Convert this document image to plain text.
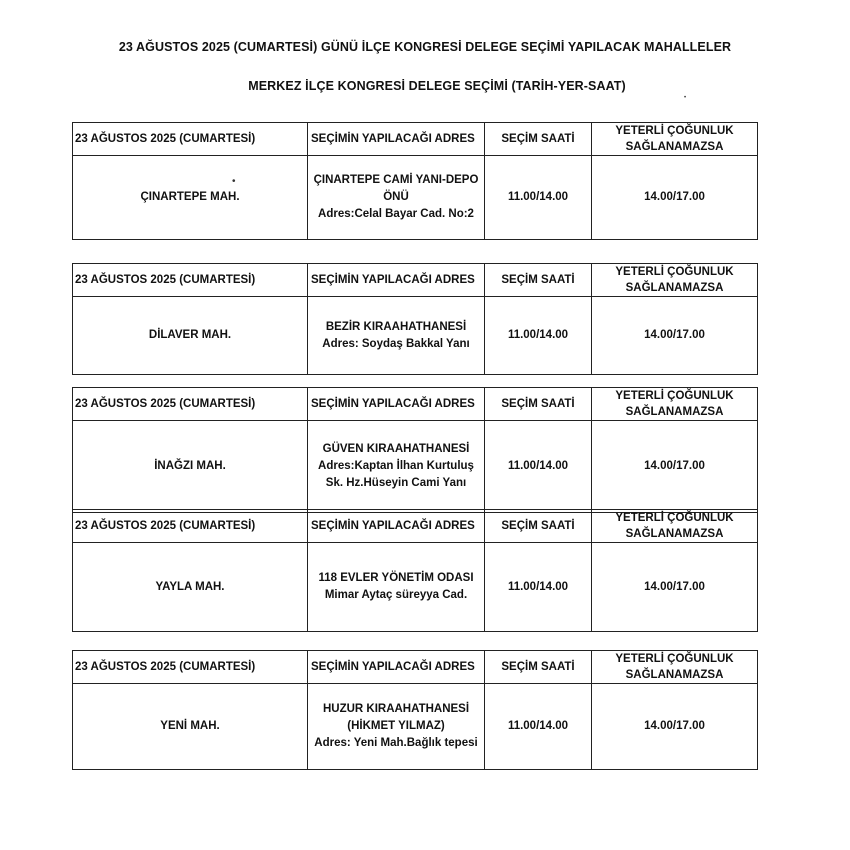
23 AĞUSTOS 2025 (CUMARTESİ) GÜNÜ İLÇE KONGRESİ DELEGE SEÇİMİ YAPILACAK MAHALLELER
MERKEZ İLÇE KONGRESİ DELEGE SEÇİMİ (TARİH-YER-SAAT)
23 AĞUSTOS 2025 (CUMARTESİ)	SEÇİMİN YAPILACAĞI ADRES	SEÇİM SAATİ	YETERLİ ÇOĞUNLUK
SAĞLANAMAZSA

ÇINARTEPE MAH.	ÇINARTEPE CAMİ YANI-DEPO
ÖNÜ
Adres:Celal Bayar Cad. No:2	11.00/14.00	14.00/17.00
23 AĞUSTOS 2025 (CUMARTESİ)	SEÇİMİN YAPILACAĞI ADRES	SEÇİM SAATİ	YETERLİ ÇOĞUNLUK
SAĞLANAMAZSA

DİLAVER MAH.	BEZİR KIRAAHATHANESİ
Adres: Soydaş Bakkal Yanı	11.00/14.00	14.00/17.00
23 AĞUSTOS 2025 (CUMARTESİ)	SEÇİMİN YAPILACAĞI ADRES	SEÇİM SAATİ	YETERLİ ÇOĞUNLUK
SAĞLANAMAZSA

İNAĞZI MAH.	GÜVEN KIRAAHATHANESİ
Adres:Kaptan İlhan Kurtuluş
Sk. Hz.Hüseyin Cami Yanı	11.00/14.00	14.00/17.00
23 AĞUSTOS 2025 (CUMARTESİ)	SEÇİMİN YAPILACAĞI ADRES	SEÇİM SAATİ	YETERLİ ÇOĞUNLUK
SAĞLANAMAZSA

YAYLA MAH.	118 EVLER YÖNETİM ODASI
Mimar Aytaç süreyya Cad.	11.00/14.00	14.00/17.00
23 AĞUSTOS 2025 (CUMARTESİ)	SEÇİMİN YAPILACAĞI ADRES	SEÇİM SAATİ	YETERLİ ÇOĞUNLUK
SAĞLANAMAZSA

YENİ MAH.	HUZUR KIRAAHATHANESİ
(HİKMET YILMAZ)
Adres: Yeni Mah.Bağlık tepesi	11.00/14.00	14.00/17.00
•
•
